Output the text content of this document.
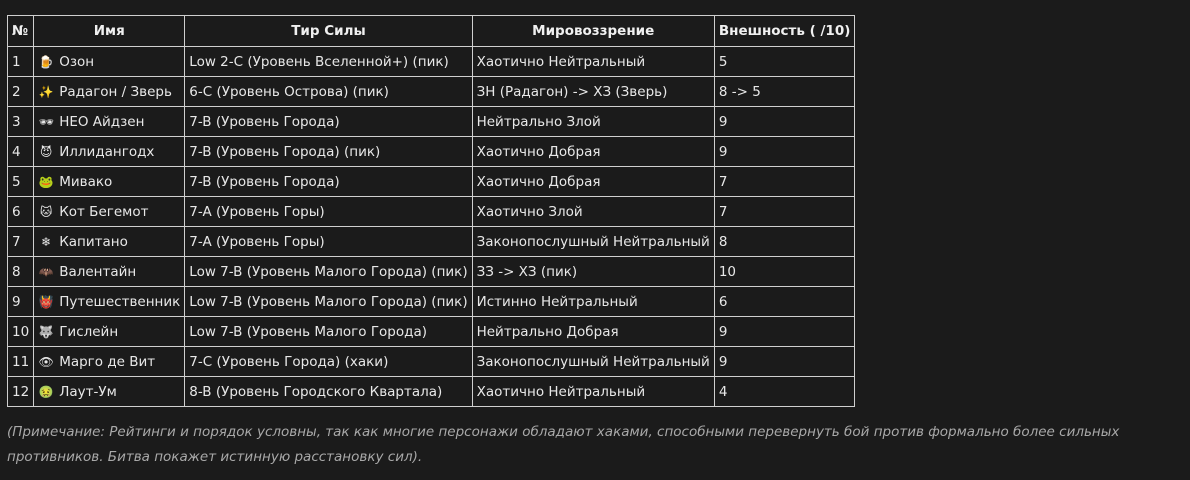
№	Имя	Тир Силы	Мировоззрение	Внешность ( /10)
1	🍺 Озон	Low 2-C (Уровень Вселенной+) (пик)	Хаотично Нейтральный	5
2	✨ Радагон / Зверь	6-C (Уровень Острова) (пик)	ЗН (Радагон) -> ХЗ (Зверь)	8 -> 5
3	🕶 НЕО Айдзен	7-B (Уровень Города)	Нейтрально Злой	9
4	😈 Иллидангодх	7-B (Уровень Города) (пик)	Хаотично Добрая	9
5	🐸 Мивако	7-B (Уровень Города)	Хаотично Добрая	7
6	🐱 Кот Бегемот	7-A (Уровень Горы)	Хаотично Злой	7
7	❄ Капитано	7-A (Уровень Горы)	Законопослушный Нейтральный	8
8	🦇 Валентайн	Low 7-B (Уровень Малого Города) (пик)	ЗЗ -> ХЗ (пик)	10
9	👹 Путешественник	Low 7-B (Уровень Малого Города) (пик)	Истинно Нейтральный	6
10	🐺 Гислейн	Low 7-B (Уровень Малого Города)	Нейтрально Добрая	9
11	👁 Марго де Вит	7-C (Уровень Города) (хаки)	Законопослушный Нейтральный	9
12	🤢 Лаут-Ум	8-B (Уровень Городского Квартала)	Хаотично Нейтральный	4
(Примечание: Рейтинги и порядок условны, так как многие персонажи обладают хаками, способными перевернуть бой против формально более сильных противников. Битва покажет истинную расстановку сил).
